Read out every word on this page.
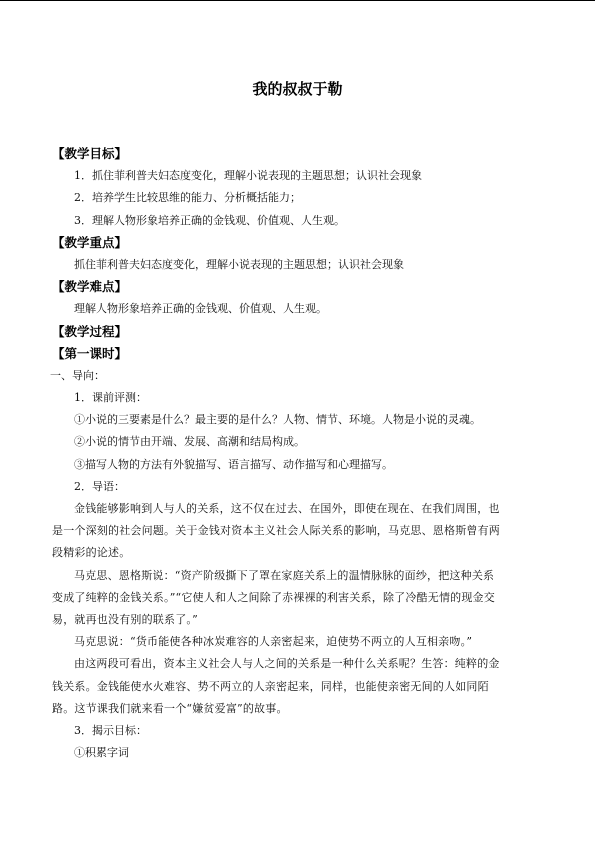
我的叔叔于勒
【教学目标】
1．抓住菲利普夫妇态度变化，理解小说表现的主题思想；认识社会现象
2．培养学生比较思维的能力、分析概括能力；
3．理解人物形象培养正确的金钱观、价值观、人生观。
【教学重点】
抓住菲利普夫妇态度变化，理解小说表现的主题思想；认识社会现象
【教学难点】
理解人物形象培养正确的金钱观、价值观、人生观。
【教学过程】
【第一课时】
一、导向：
1．课前评测：
①小说的三要素是什么？最主要的是什么？人物、情节、环境。人物是小说的灵魂。
②小说的情节由开端、发展、高潮和结局构成。
③描写人物的方法有外貌描写、语言描写、动作描写和心理描写。
2．导语：
金钱能够影响到人与人的关系，这不仅在过去、在国外，即使在现在、在我们周围，也
是一个深刻的社会问题。关于金钱对资本主义社会人际关系的影响，马克思、恩格斯曾有两
段精彩的论述。
马克思、恩格斯说：“资产阶级撕下了罩在家庭关系上的温情脉脉的面纱，把这种关系
变成了纯粹的金钱关系。”“它使人和人之间除了赤裸裸的利害关系，除了冷酷无情的现金交
易，就再也没有别的联系了。”
马克思说：“货币能使各种冰炭难容的人亲密起来，迫使势不两立的人互相亲吻。”
由这两段可看出，资本主义社会人与人之间的关系是一种什么关系呢？生答：纯粹的金
钱关系。金钱能使水火难容、势不两立的人亲密起来，同样，也能使亲密无间的人如同陌
路。这节课我们就来看一个“嫌贫爱富”的故事。
3．揭示目标：
①积累字词
